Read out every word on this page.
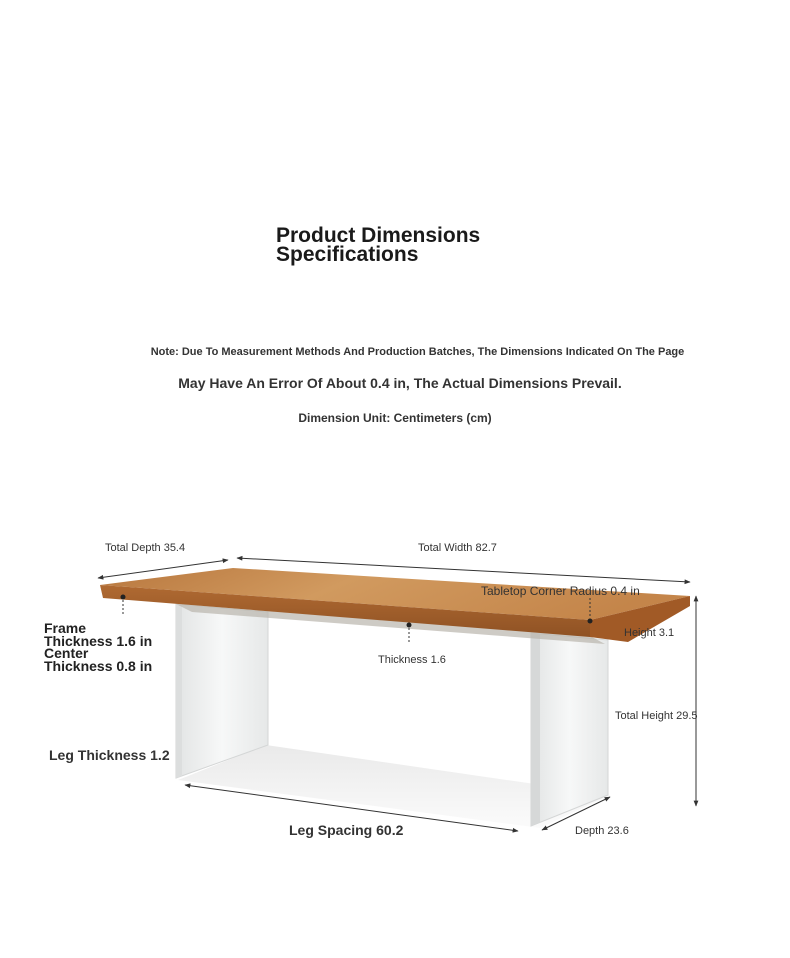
Product Dimensions
Specifications
Note: Due To Measurement Methods And Production Batches, The Dimensions Indicated On The Page
May Have An Error Of About 0.4 in, The Actual Dimensions Prevail.
Dimension Unit: Centimeters (cm)
Total Depth 35.4	Total Width 82.7
Tabletop Corner Radius 0.4 in
Height 3.1
Frame
Thickness 1.6 in
Center
Thickness 0.8 in	Thickness 1.6
Total Height 29.5
Leg Thickness 1.2
Leg Spacing 60.2	Depth 23.6
